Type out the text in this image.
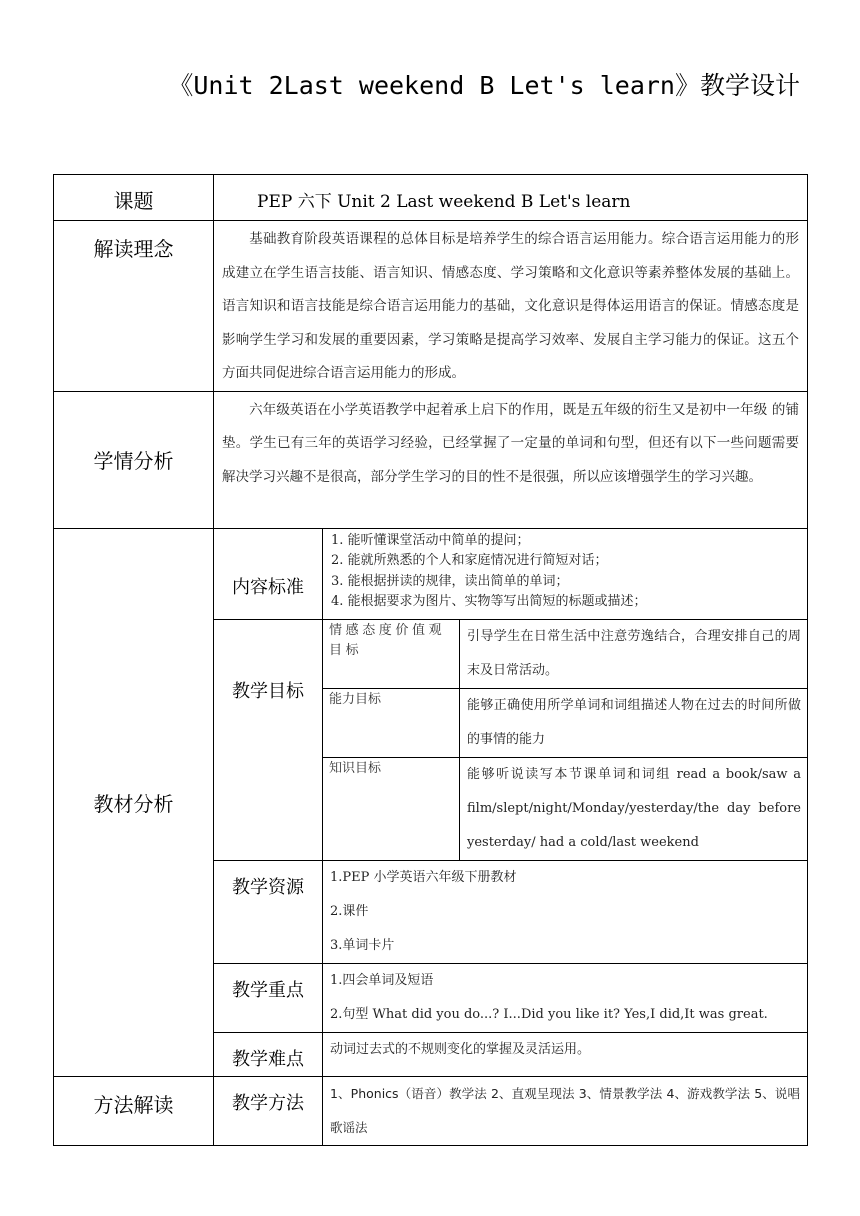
《Unit 2Last weekend B Let's learn》教学设计
课题	PEP 六下 Unit 2 Last weekend B Let's learn		

解读理念	基础教育阶段英语课程的总体目标是培养学生的综合语言运用能力。综合语言运用能力的形成建立在学生语言技能、语言知识、情感态度、学习策略和文化意识等素养整体发展的基础上。语言知识和语言技能是综合语言运用能力的基础，文化意识是得体运用语言的保证。情感态度是影响学生学习和发展的重要因素，学习策略是提高学习效率、发展自主学习能力的保证。这五个方面共同促进综合语言运用能力的形成。		

学情分析	六年级英语在小学英语教学中起着承上启下的作用，既是五年级的衍生又是初中一年级 的铺垫。学生已有三年的英语学习经验，已经掌握了一定量的单词和句型，但还有以下一些问题需要解决学习兴趣不是很高，部分学生学习的目的性不是很强，所以应该增强学生的学习兴趣。		

教材分析	内容标准	1. 能听懂课堂活动中简单的提问；
2. 能就所熟悉的个人和家庭情况进行简短对话；
3. 能根据拼读的规律，读出简单的单词；
4. 能根据要求为图片、实物等写出简短的标题或描述；	

	教学目标	情感态度价值观目标	引导学生在日常生活中注意劳逸结合，合理安排自己的周末及日常活动。

		能力目标	能够正确使用所学单词和词组描述人物在过去的时间所做的事情的能力

		知识目标	能够听说读写本节课单词和词组 read a book/saw a
film/slept/night/Monday/yesterday/the day before
yesterday/ had a cold/last weekend

	教学资源	1.PEP 小学英语六年级下册教材
2.课件
3.单词卡片	

	教学重点	1.四会单词及短语
2.句型 What did you do...? I...Did you like it? Yes,I did,It was great.	

	教学难点	动词过去式的不规则变化的掌握及灵活运用。	

方法解读	教学方法	1、Phonics（语音）教学法 2、直观呈现法 3、情景教学法 4、游戏教学法 5、说唱歌谣法	
